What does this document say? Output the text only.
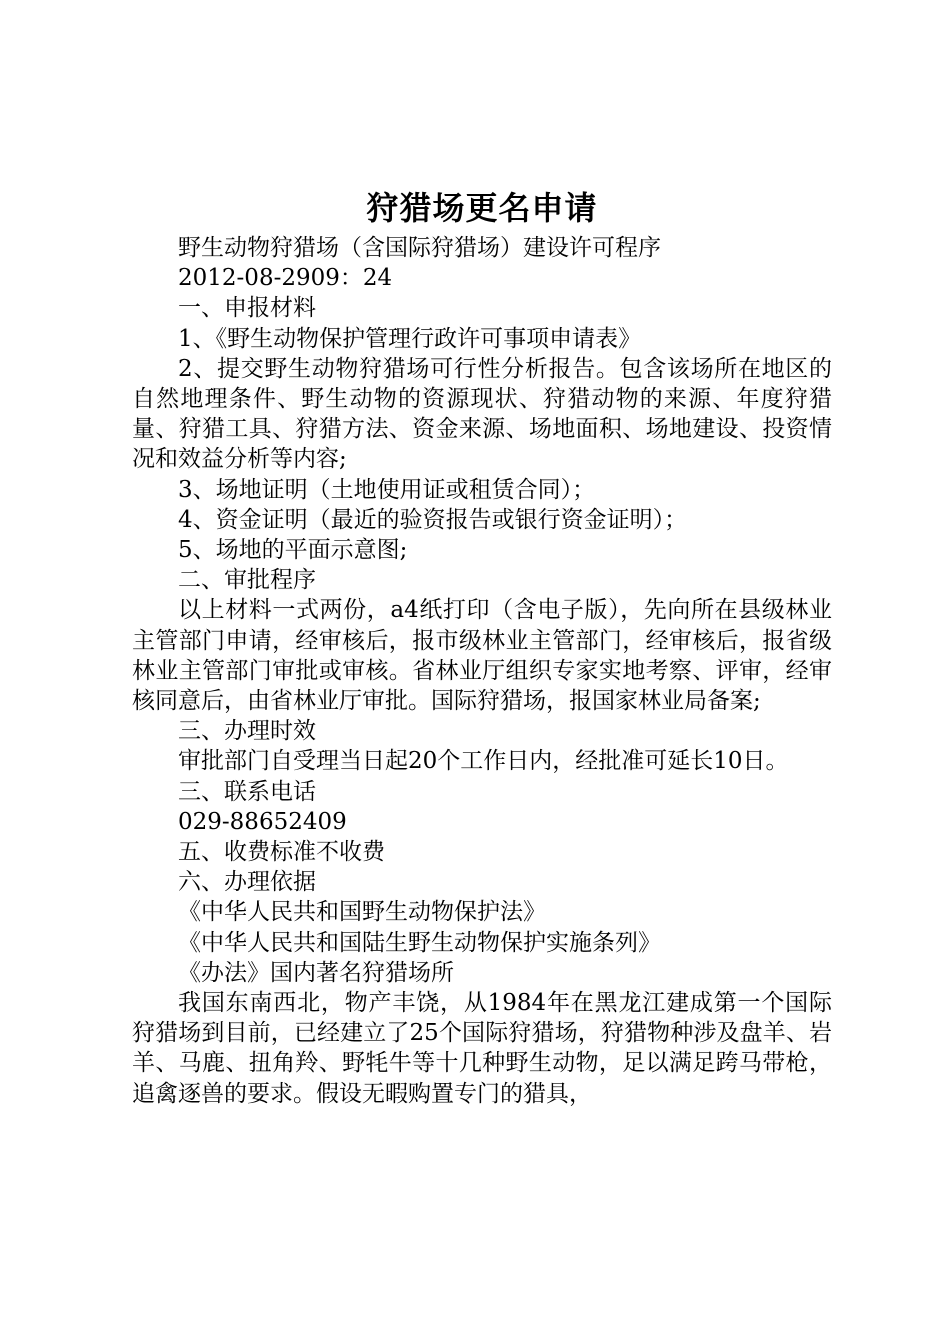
狩猎场更名申请

野生动物狩猎场（含国际狩猎场）建设许可程序

2012-08-2909：24

一、申报材料

1、《野生动物保护管理行政许可事项申请表》

2、提交野生动物狩猎场可行性分析报告。包含该场所在地区的自然地理条件、野生动物的资源现状、狩猎动物的来源、年度狩猎量、狩猎工具、狩猎方法、资金来源、场地面积、场地建设、投资情况和效益分析等内容;

3、场地证明（土地使用证或租赁合同）；

4、资金证明（最近的验资报告或银行资金证明）；

5、场地的平面示意图;

二、审批程序

以上材料一式两份，a4纸打印（含电子版），先向所在县级林业主管部门申请，经审核后，报市级林业主管部门，经审核后，报省级林业主管部门审批或审核。省林业厅组织专家实地考察、评审，经审核同意后，由省林业厅审批。国际狩猎场，报国家林业局备案;

三、办理时效

审批部门自受理当日起20个工作日内，经批准可延长10日。

三、联系电话

029-88652409

五、收费标准不收费

六、办理依据

《中华人民共和国野生动物保护法》

《中华人民共和国陆生野生动物保护实施条列》

《办法》国内著名狩猎场所

我国东南西北，物产丰饶，从1984年在黑龙江建成第一个国际狩猎场到目前，已经建立了25个国际狩猎场，狩猎物种涉及盘羊、岩羊、马鹿、扭角羚、野牦牛等十几种野生动物，足以满足跨马带枪，追禽逐兽的要求。假设无暇购置专门的猎具，
